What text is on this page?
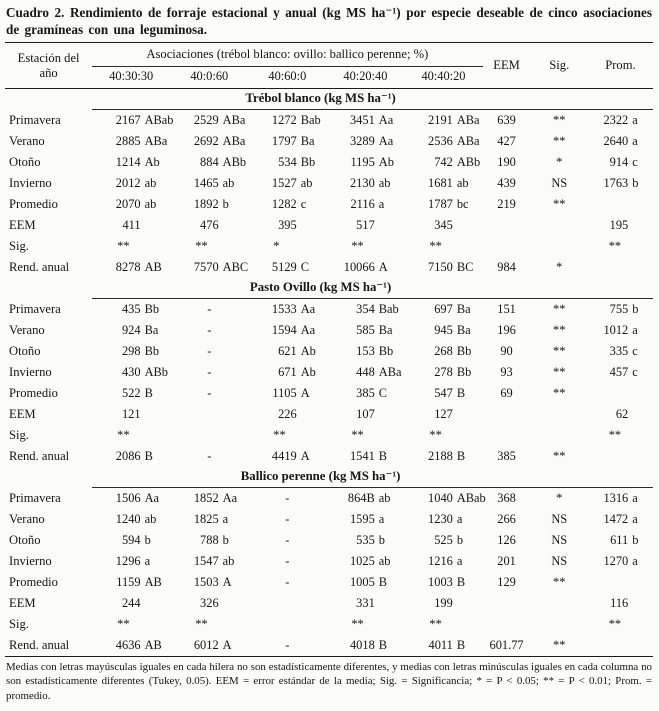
Cuadro 2. Rendimiento de forraje estacional y anual (kg MS ha⁻¹) por especie deseable de cinco asociaciones de gramíneas con una leguminosa.
Estación del año	Asociaciones (trébol blanco: ovillo: ballico perenne; %)					EEM	Sig.	Prom.
	40:30:30	40:0:60	40:60:0	40:20:40	40:40:20			
	Trébol blanco (kg MS ha⁻¹)							
Primavera	2167 ABab	2529 ABa	1272 Bab	3451 Aa	2191 ABa	639	**	2322 a

Verano	2885 ABa	2692 ABa	1797 Ba	3289 Aa	2536 ABa	427	**	2640 a

Otoño	1214 Ab	884 ABb	534 Bb	1195 Ab	742 ABb	190	*	914 c

Invierno	2012 ab	1465 ab	1527 ab	2130 ab	1681 ab	439	NS	1763 b

Promedio	2070 ab	1892 b	1282 c	2116 a	1787 bc	219	**	
EEM	411	476	395	517	345			195

Sig.	**	**	*	**	**			**

Rend. anual	8278 AB	7570 ABC	5129 C	10066 A	7150 BC	984	*	
	Pasto Ovillo (kg MS ha⁻¹)							
Primavera	435 Bb	-	1533 Aa	354 Bab	697 Ba	151	**	755 b

Verano	924 Ba	-	1594 Aa	585 Ba	945 Ba	196	**	1012 a

Otoño	298 Bb	-	621 Ab	153 Bb	268 Bb	90	**	335 c

Invierno	430 ABb	-	671 Ab	448 ABa	278 Bb	93	**	457 c

Promedio	522 B	-	1105 A	385 C	547 B	69	**	
EEM	121		226	107	127			62

Sig.	**		**	**	**			**

Rend. anual	2086 B	-	4419 A	1541 B	2188 B	385	**	
	Ballico perenne (kg MS ha⁻¹)							
Primavera	1506 Aa	1852 Aa	-	864B ab	1040 ABab	368	*	1316 a

Verano	1240 ab	1825 a	-	1595 a	1230 a	266	NS	1472 a

Otoño	594 b	788 b	-	535 b	525 b	126	NS	611 b

Invierno	1296 a	1547 ab	-	1025 ab	1216 a	201	NS	1270 a

Promedio	1159 AB	1503 A	-	1005 B	1003 B	129	**	
EEM	244	326		331	199			116

Sig.	**	**		**	**			**

Rend. anual	4636 AB	6012 A	-	4018 B	4011 B	601.77	**	
Medias con letras mayúsculas iguales en cada hilera no son estadísticamente diferentes, y medias con letras minúsculas iguales en cada columna no son estadísticamente diferentes (Tukey, 0.05). EEM = error estándar de la media; Sig. = Significancia; * = P < 0.05; ** = P < 0.01; Prom. = promedio.
